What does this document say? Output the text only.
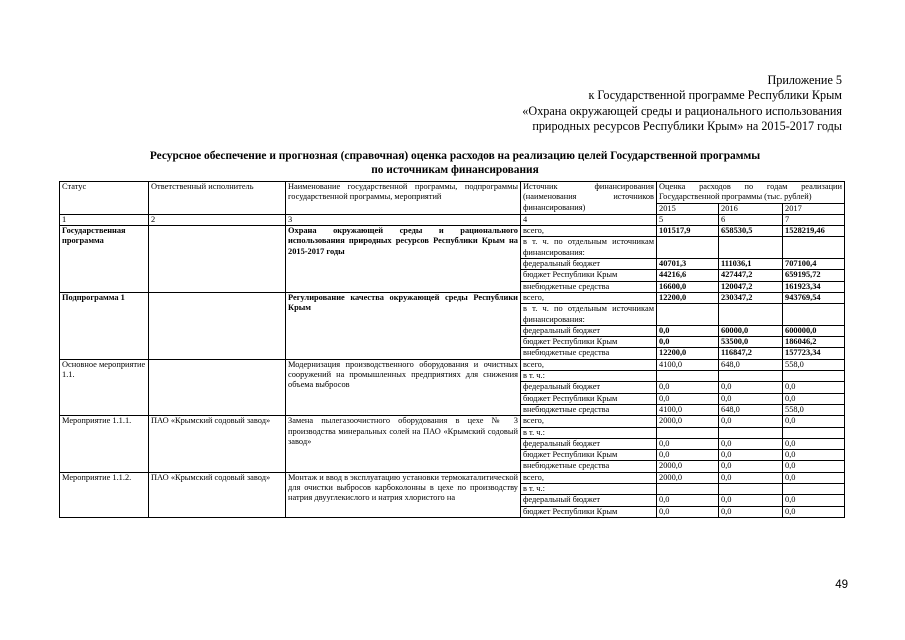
Приложение 5
к Государственной программе Республики Крым
«Охрана окружающей среды и рационального использования
природных ресурсов Республики Крым» на 2015-2017 годы
Ресурсное обеспечение и прогнозная (справочная) оценка расходов на реализацию целей Государственной программы
по источникам финансирования
Статус	Ответственный исполнитель	Наименование государственной программы, подпрограммы государственной программы, мероприятий	Источник финансирования (наименования источников финансирования)	Оценка расходов по годам реализации Государственной программы (тыс. рублей)		

				2015	2016	2017
1	2	3	4	5	6	7
Государственная программа		Охрана окружающей среды и рационального использования природных ресурсов Республики Крым на 2015-2017 годы	всего,	101517,9	658530,5	1528219,46
			в т. ч. по отдельным источникам финансирования:			

			федеральный бюджет	40701,3	111036,1	707100,4
			бюджет Республики Крым	44216,6	427447,2	659195,72
			внебюджетные средства	16600,0	120047,2	161923,34
Подпрограмма 1		Регулирование качества окружающей среды Республики Крым	всего,	12200,0	230347,2	943769,54
			в т. ч. по отдельным источникам финансирования:			

			федеральный бюджет	0,0	60000,0	600000,0
			бюджет Республики Крым	0,0	53500,0	186046,2
			внебюджетные средства	12200,0	116847,2	157723,34
Основное мероприятие 1.1.		Модернизация производственного оборудования и очистных сооружений на промышленных предприятиях для снижения объема выбросов	всего,	4100,0	648,0	558,0
			в т. ч.:			
			федеральный бюджет	0,0	0,0	0,0
			бюджет Республики Крым	0,0	0,0	0,0
			внебюджетные средства	4100,0	648,0	558,0
Мероприятие 1.1.1.	ПАО «Крымский содовый завод»	Замена пылегазоочистного оборудования в цехе № 3 производства минеральных солей на ПАО «Крымский содовый завод»	всего,	2000,0	0,0	0,0
			в т. ч.:			
			федеральный бюджет	0,0	0,0	0,0
			бюджет Республики Крым	0,0	0,0	0,0
			внебюджетные средства	2000,0	0,0	0,0
Мероприятие 1.1.2.	ПАО «Крымский содовый завод»	Монтаж и ввод в эксплуатацию установки термокаталитической для очистки выбросов карбоколонны в цехе по производству натрия двууглекислого и натрия хлористого на	всего,	2000,0	0,0	0,0
			в т. ч.:			
			федеральный бюджет	0,0	0,0	0,0
			бюджет Республики Крым	0,0	0,0	0,0
49
